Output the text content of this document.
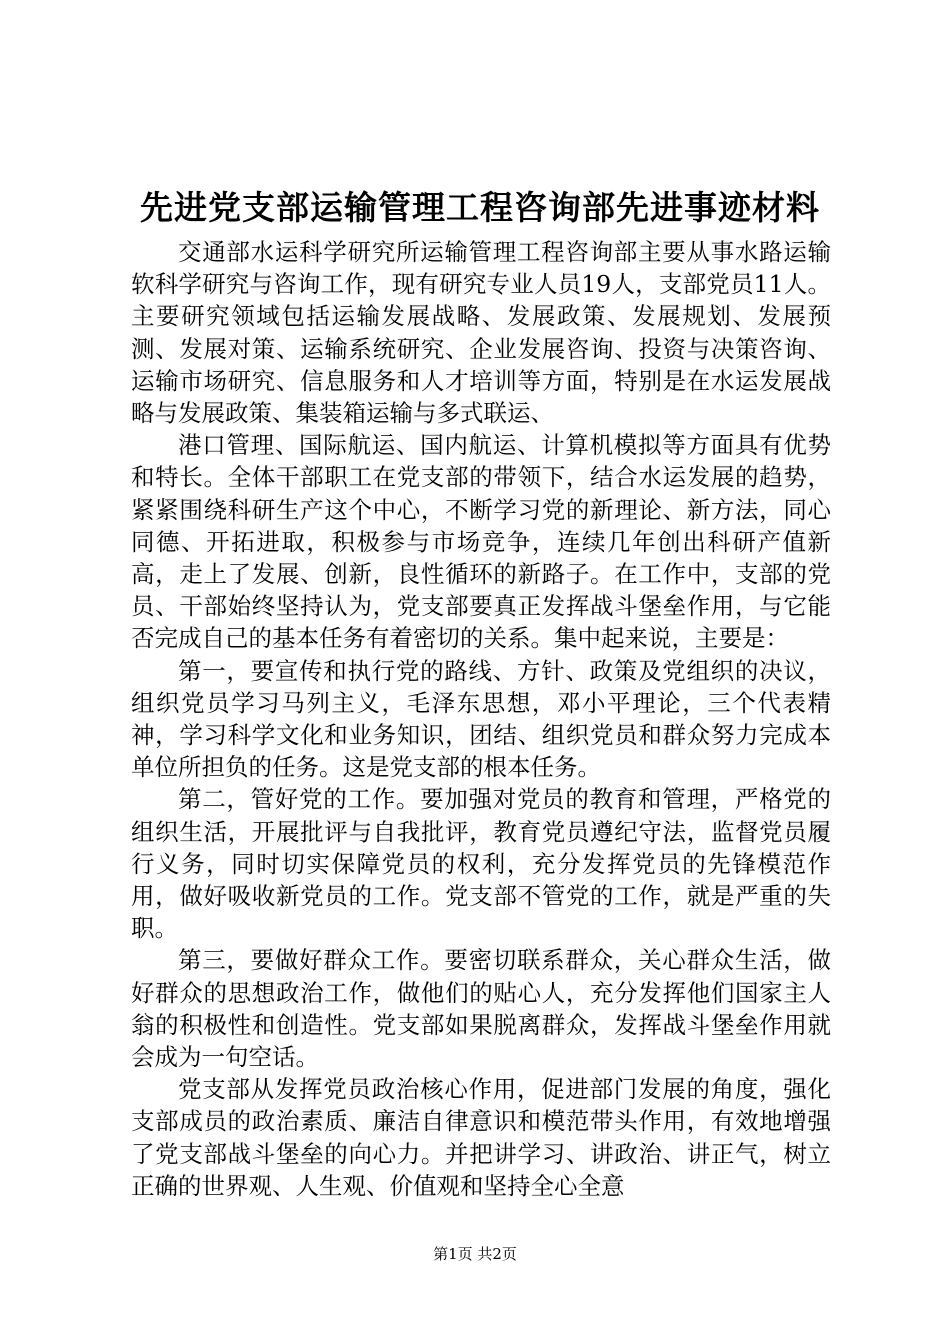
先进党支部运输管理工程咨询部先进事迹材料

交通部水运科学研究所运输管理工程咨询部主要从事水路运输软科学研究与咨询工作，现有研究专业人员19人，支部党员11人。主要研究领域包括运输发展战略、发展政策、发展规划、发展预测、发展对策、运输系统研究、企业发展咨询、投资与决策咨询、运输市场研究、信息服务和人才培训等方面，特别是在水运发展战略与发展政策、集装箱运输与多式联运、

港口管理、国际航运、国内航运、计算机模拟等方面具有优势和特长。全体干部职工在党支部的带领下，结合水运发展的趋势，紧紧围绕科研生产这个中心，不断学习党的新理论、新方法，同心同德、开拓进取，积极参与市场竞争，连续几年创出科研产值新高，走上了发展、创新，良性循环的新路子。在工作中，支部的党员、干部始终坚持认为，党支部要真正发挥战斗堡垒作用，与它能否完成自己的基本任务有着密切的关系。集中起来说，主要是：

第一，要宣传和执行党的路线、方针、政策及党组织的决议，组织党员学习马列主义，毛泽东思想，邓小平理论，三个代表精神，学习科学文化和业务知识，团结、组织党员和群众努力完成本单位所担负的任务。这是党支部的根本任务。

第二，管好党的工作。要加强对党员的教育和管理，严格党的组织生活，开展批评与自我批评，教育党员遵纪守法，监督党员履行义务，同时切实保障党员的权利，充分发挥党员的先锋模范作用，做好吸收新党员的工作。党支部不管党的工作，就是严重的失职。

第三，要做好群众工作。要密切联系群众，关心群众生活，做好群众的思想政治工作，做他们的贴心人，充分发挥他们国家主人翁的积极性和创造性。党支部如果脱离群众，发挥战斗堡垒作用就会成为一句空话。

党支部从发挥党员政治核心作用，促进部门发展的角度，强化支部成员的政治素质、廉洁自律意识和模范带头作用，有效地增强了党支部战斗堡垒的向心力。并把讲学习、讲政治、讲正气，树立正确的世界观、人生观、价值观和坚持全心全意

第1页 共2页
